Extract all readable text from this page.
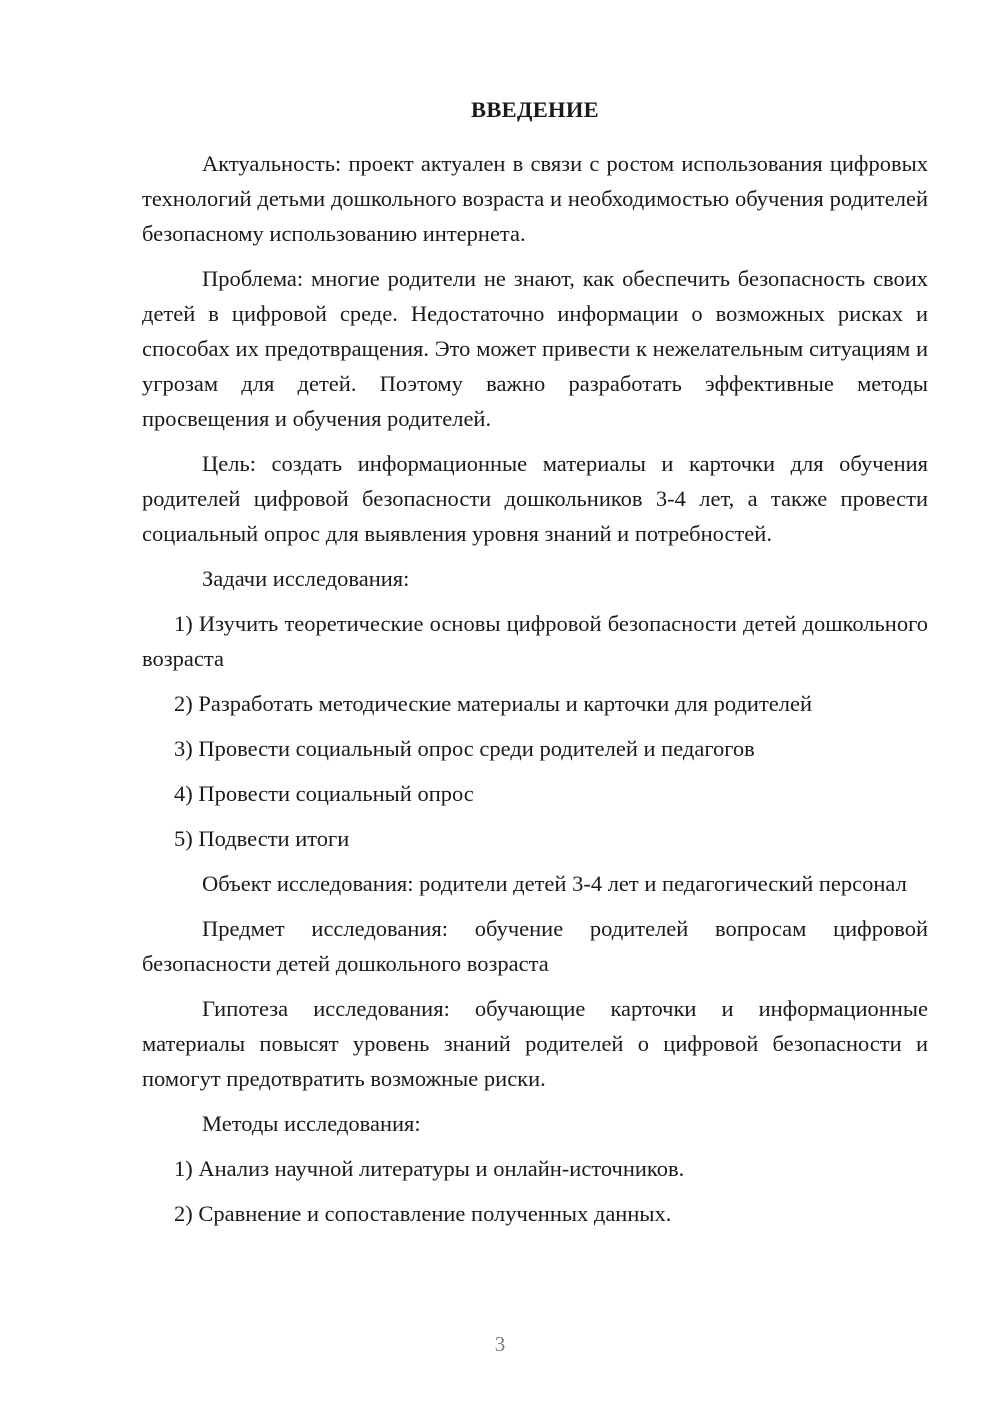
ВВЕДЕНИЕ

Актуальность: проект актуален в связи с ростом использования цифровых технологий детьми дошкольного возраста и необходимостью обучения родителей безопасному использованию интернета.

Проблема: многие родители не знают, как обеспечить безопасность своих детей в цифровой среде. Недостаточно информации о возможных рисках и способах их предотвращения. Это может привести к нежелательным ситуациям и угрозам для детей. Поэтому важно разработать эффективные методы просвещения и обучения родителей.

Цель: создать информационные материалы и карточки для обучения родителей цифровой безопасности дошкольников 3-4 лет, а также провести социальный опрос для выявления уровня знаний и потребностей.

Задачи исследования:

1) Изучить теоретические основы цифровой безопасности детей дошкольного возраста

2) Разработать методические материалы и карточки для родителей

3) Провести социальный опрос среди родителей и педагогов

4) Провести социальный опрос

5) Подвести итоги

Объект исследования: родители детей 3-4 лет и педагогический персонал

Предмет исследования: обучение родителей вопросам цифровой безопасности детей дошкольного возраста

Гипотеза исследования: обучающие карточки и информационные материалы повысят уровень знаний родителей о цифровой безопасности и помогут предотвратить возможные риски.

Методы исследования:

1) Анализ научной литературы и онлайн-источников.

2) Сравнение и сопоставление полученных данных.

3
